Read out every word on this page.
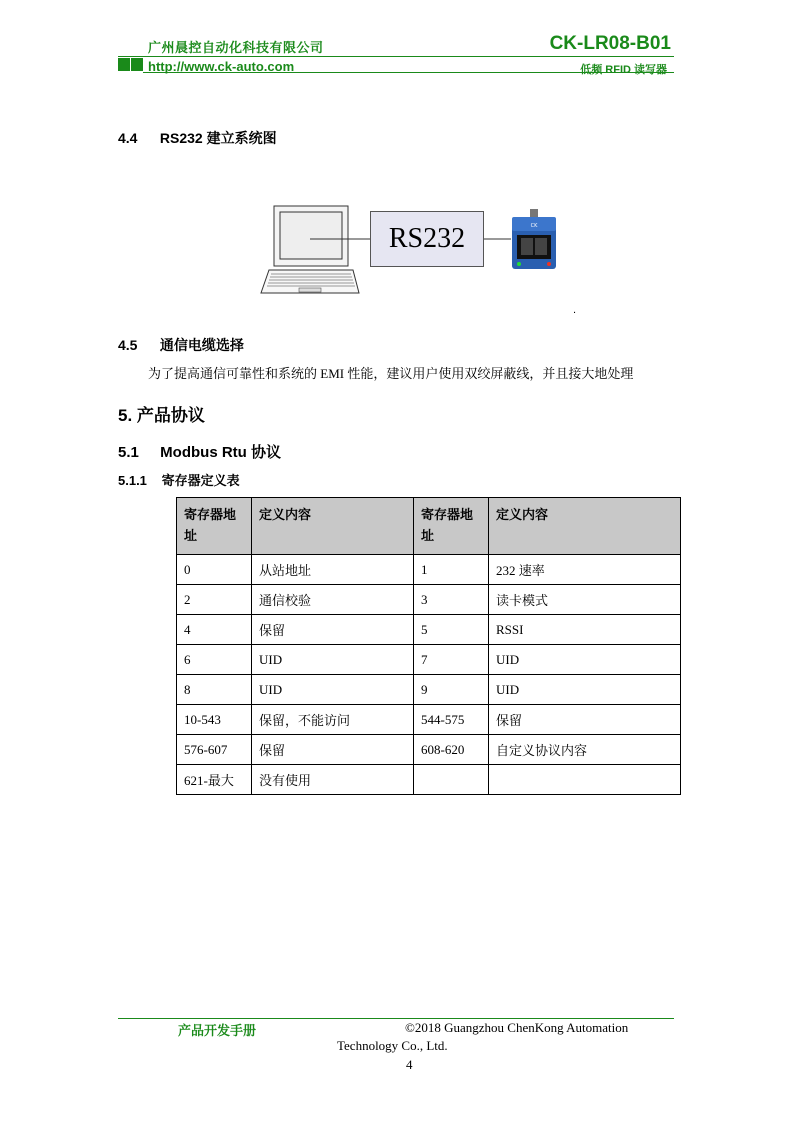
广州晨控自动化科技有限公司	CK-LR08-B01
http://www.ck-auto.com	低频 RFID 读写器
4.4 RS232 建立系统图
RS232	CK
.
4.5 通信电缆选择
为了提高通信可靠性和系统的 EMI 性能，建议用户使用双绞屏蔽线，并且接大地处理
5. 产品协议
5.1 Modbus Rtu 协议
5.1.1 寄存器定义表
寄存器地址	定义内容	寄存器地址	定义内容
0	从站地址	1	232 速率
2	通信校验	3	读卡模式
4	保留	5	RSSI
6	UID	7	UID
8	UID	9	UID
10-543	保留，不能访问	544-575	保留
576-607	保留	608-620	自定义协议内容
621-最大	没有使用		
产品开发手册	©2018 Guangzhou ChenKong Automation
Technology Co., Ltd.
4
